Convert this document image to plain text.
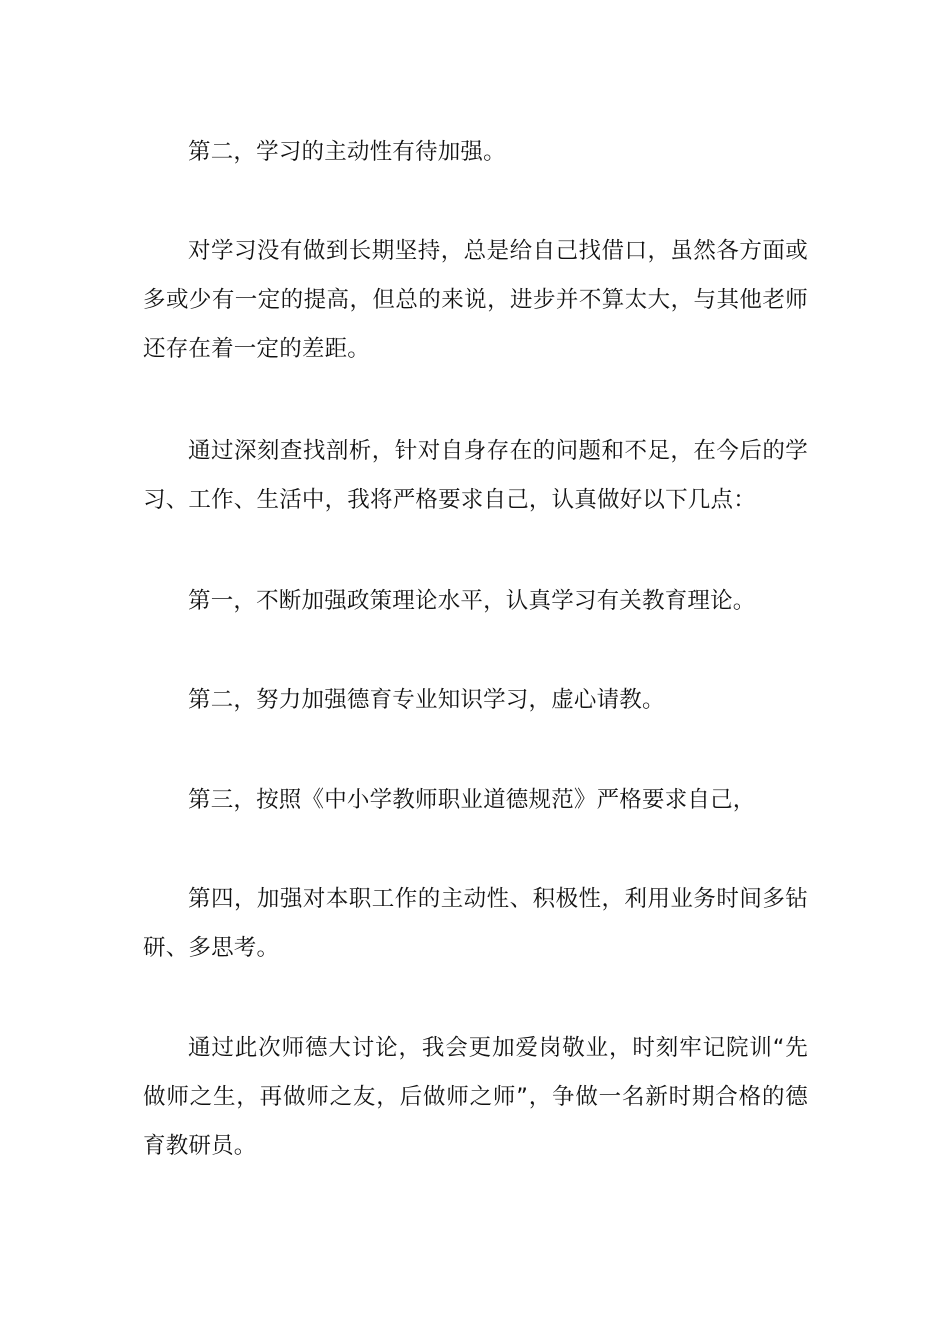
第二，学习的主动性有待加强。

对学习没有做到长期坚持，总是给自己找借口，虽然各方面或多或少有一定的提高，但总的来说，进步并不算太大，与其他老师还存在着一定的差距。

通过深刻查找剖析，针对自身存在的问题和不足，在今后的学习、工作、生活中，我将严格要求自己，认真做好以下几点：

第一，不断加强政策理论水平，认真学习有关教育理论。

第二，努力加强德育专业知识学习，虚心请教。

第三，按照《中小学教师职业道德规范》严格要求自己，

第四，加强对本职工作的主动性、积极性，利用业务时间多钻研、多思考。

通过此次师德大讨论，我会更加爱岗敬业，时刻牢记院训“先做师之生，再做师之友，后做师之师”，争做一名新时期合格的德育教研员。
